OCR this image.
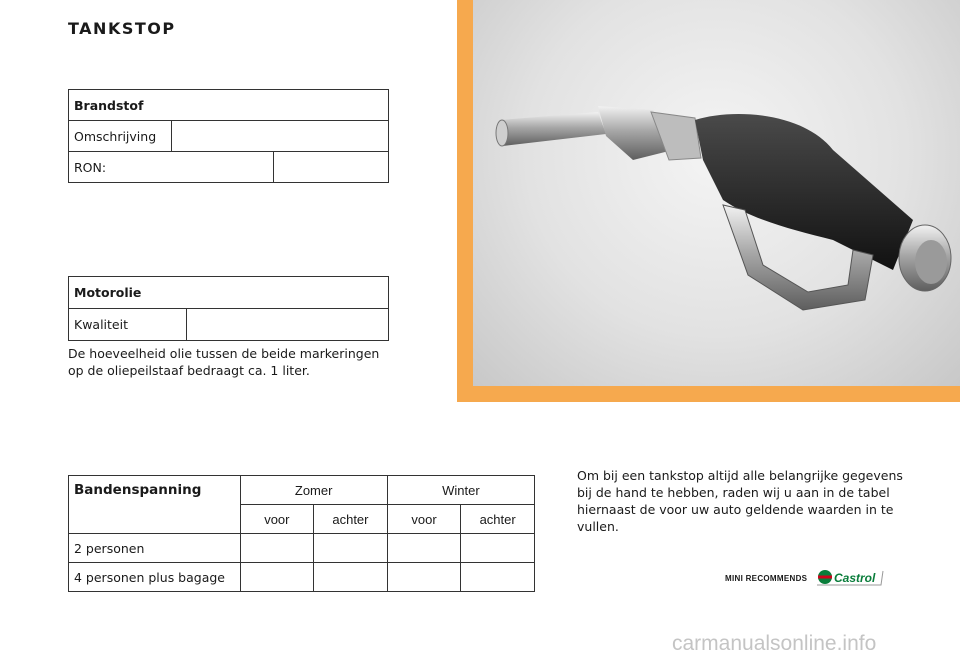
TANKSTOP
Brandstof		
Omschrijving		
RON:		
Motorolie
Kwaliteit	
De hoeveelheid olie tussen de beide markeringen op de oliepeilstaaf bedraagt ca. 1 liter.
Bandenspanning	Zomer		Winter	
	voor	achter	voor	achter
2 personen				
4 personen plus bagage				
Om bij een tankstop altijd alle belangrijke gegevens bij de hand te hebben, raden wij u aan in de tabel hiernaast de voor uw auto geldende waarden in te vullen.
MINI RECOMMENDS Castrol
carmanualsonline.info
